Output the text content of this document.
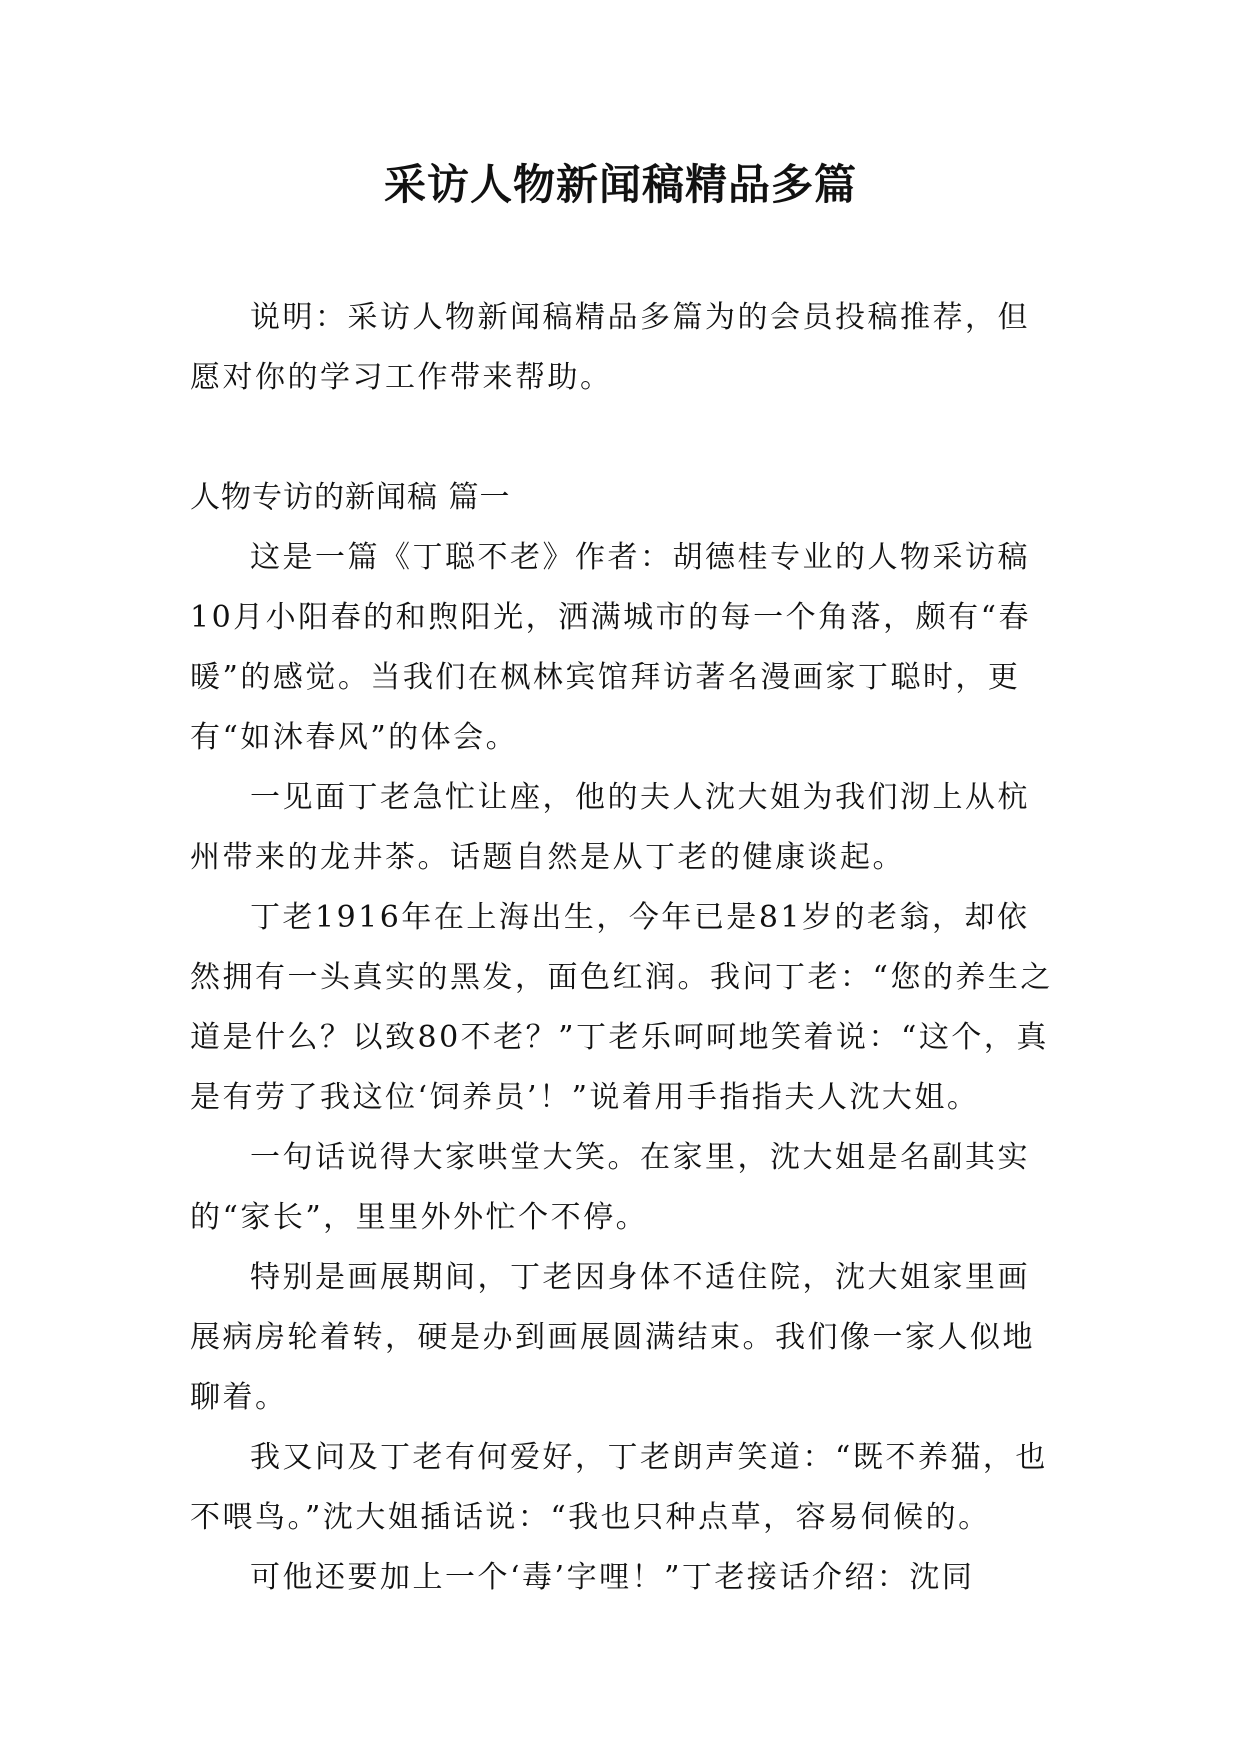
采访人物新闻稿精品多篇

说明：采访人物新闻稿精品多篇为的会员投稿推荐，但愿对你的学习工作带来帮助。

人物专访的新闻稿 篇一

这是一篇《丁聪不老》作者：胡德桂专业的人物采访稿10月小阳春的和煦阳光，洒满城市的每一个角落，颇有“春暖”的感觉。当我们在枫林宾馆拜访著名漫画家丁聪时，更有“如沐春风”的体会。

一见面丁老急忙让座，他的夫人沈大姐为我们沏上从杭州带来的龙井茶。话题自然是从丁老的健康谈起。

丁老1916年在上海出生，今年已是81岁的老翁，却依然拥有一头真实的黑发，面色红润。我问丁老：“您的养生之道是什么？以致80不老？”丁老乐呵呵地笑着说：“这个，真是有劳了我这位‘饲养员’！”说着用手指指夫人沈大姐。

一句话说得大家哄堂大笑。在家里，沈大姐是名副其实的“家长”，里里外外忙个不停。

特别是画展期间，丁老因身体不适住院，沈大姐家里画展病房轮着转，硬是办到画展圆满结束。我们像一家人似地聊着。

我又问及丁老有何爱好，丁老朗声笑道：“既不养猫，也不喂鸟。”沈大姐插话说：“我也只种点草，容易伺候的。

可他还要加上一个‘毒’字哩！”丁老接话介绍：沈同
